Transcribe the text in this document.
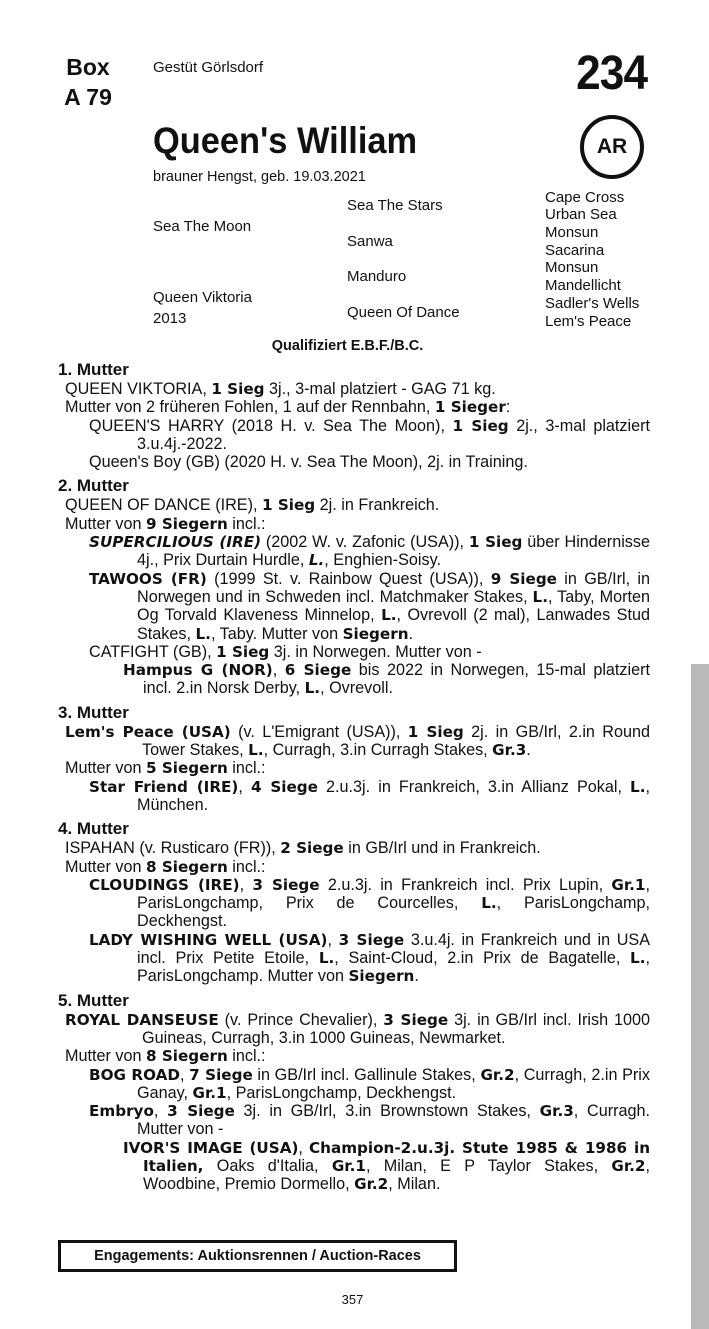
Box
A 79
Gestüt Görlsdorf	234
Queen's William	AR
brauner Hengst, geb. 19.03.2021
Sea The Moon
Queen Viktoria
2013
Sea The Stars
Sanwa
Manduro
Queen Of Dance
Cape Cross
Urban Sea
Monsun
Sacarina
Monsun
Mandellicht
Sadler's Wells
Lem's Peace
Qualifiziert E.B.F./B.C.
1. Mutter
QUEEN VIKTORIA, 1 Sieg 3j., 3-mal platziert - GAG 71 kg.
Mutter von 2 früheren Fohlen, 1 auf der Rennbahn, 1 Sieger:
QUEEN'S HARRY (2018 H. v. Sea The Moon), 1 Sieg 2j., 3-mal platziert 3.u.4j.-2022.
Queen's Boy (GB) (2020 H. v. Sea The Moon), 2j. in Training.
2. Mutter
QUEEN OF DANCE (IRE), 1 Sieg 2j. in Frankreich.
Mutter von 9 Siegern incl.:
SUPERCILIOUS (IRE) (2002 W. v. Zafonic (USA)), 1 Sieg über Hindernisse 4j., Prix Durtain Hurdle, L., Enghien-Soisy.
TAWOOS (FR) (1999 St. v. Rainbow Quest (USA)), 9 Siege in GB/Irl, in Norwegen und in Schweden incl. Matchmaker Stakes, L., Taby, Morten Og Torvald Klaveness Minnelop, L., Ovrevoll (2 mal), Lanwades Stud Stakes, L., Taby. Mutter von Siegern.
CATFIGHT (GB), 1 Sieg 3j. in Norwegen. Mutter von -
Hampus G (NOR), 6 Siege bis 2022 in Norwegen, 15-mal platziert incl. 2.in Norsk Derby, L., Ovrevoll.
3. Mutter
Lem's Peace (USA) (v. L'Emigrant (USA)), 1 Sieg 2j. in GB/Irl, 2.in Round Tower Stakes, L., Curragh, 3.in Curragh Stakes, Gr.3.
Mutter von 5 Siegern incl.:
Star Friend (IRE), 4 Siege 2.u.3j. in Frankreich, 3.in Allianz Pokal, L., München.
4. Mutter
ISPAHAN (v. Rusticaro (FR)), 2 Siege in GB/Irl und in Frankreich.
Mutter von 8 Siegern incl.:
CLOUDINGS (IRE), 3 Siege 2.u.3j. in Frankreich incl. Prix Lupin, Gr.1, ParisLongchamp, Prix de Courcelles, L., ParisLongchamp, Deckhengst.
LADY WISHING WELL (USA), 3 Siege 3.u.4j. in Frankreich und in USA incl. Prix Petite Etoile, L., Saint-Cloud, 2.in Prix de Bagatelle, L., ParisLongchamp. Mutter von Siegern.
5. Mutter
ROYAL DANSEUSE (v. Prince Chevalier), 3 Siege 3j. in GB/Irl incl. Irish 1000 Guineas, Curragh, 3.in 1000 Guineas, Newmarket.
Mutter von 8 Siegern incl.:
BOG ROAD, 7 Siege in GB/Irl incl. Gallinule Stakes, Gr.2, Curragh, 2.in Prix Ganay, Gr.1, ParisLongchamp, Deckhengst.
Embryo, 3 Siege 3j. in GB/Irl, 3.in Brownstown Stakes, Gr.3, Curragh. Mutter von -
IVOR'S IMAGE (USA), Champion-2.u.3j. Stute 1985 & 1986 in Italien, Oaks d'Italia, Gr.1, Milan, E P Taylor Stakes, Gr.2, Woodbine, Premio Dormello, Gr.2, Milan.
Engagements: Auktionsrennen / Auction-Races
357
